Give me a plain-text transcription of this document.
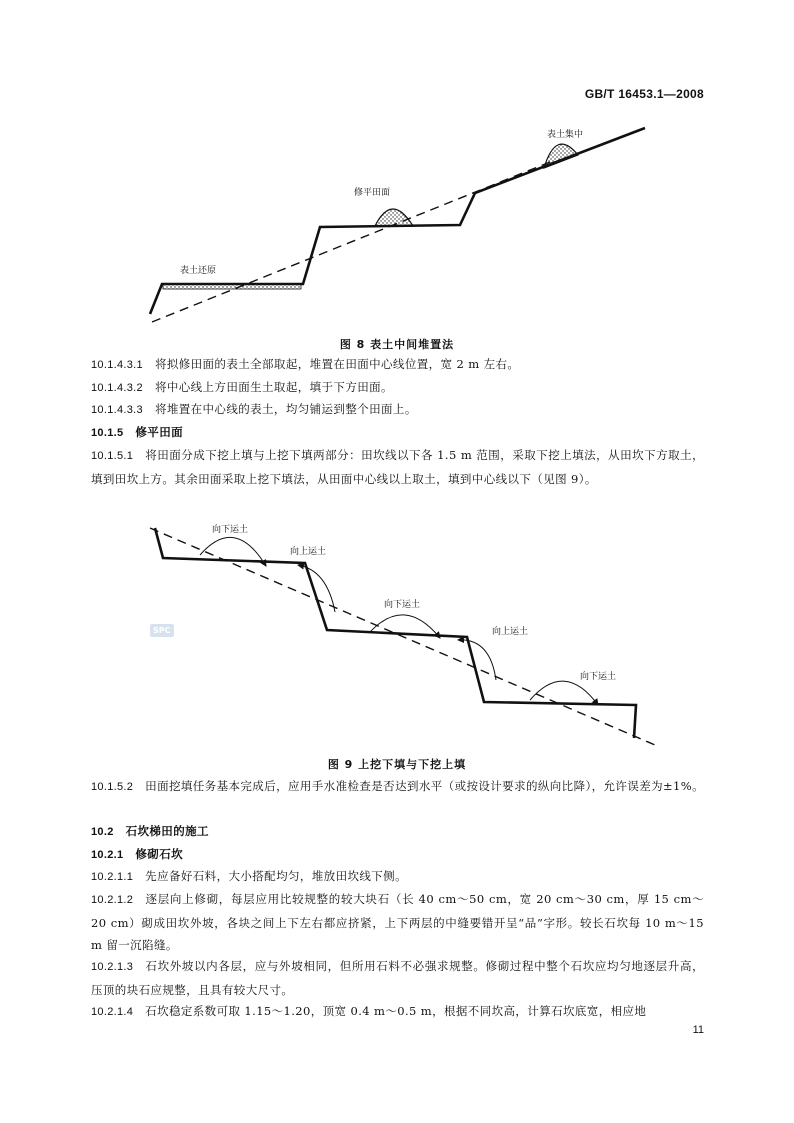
GB/T 16453.1—2008
表土集中
修平田面
表土还原
图 8 表土中间堆置法
10.1.4.3.1 将拟修田面的表土全部取起，堆置在田面中心线位置，宽 2 m 左右。
10.1.4.3.2 将中心线上方田面生土取起，填于下方田面。
10.1.4.3.3 将堆置在中心线的表土，均匀铺运到整个田面上。
10.1.5 修平田面
10.1.5.1 将田面分成下挖上填与上挖下填两部分：田坎线以下各 1.5 m 范围，采取下挖上填法，从田坎下方取土，填到田坎上方。其余田面采取上挖下填法，从田面中心线以上取土，填到中心线以下（见图 9）。
向下运土
向上运土
向下运土
向上运土
向下运土
SPC
图 9 上挖下填与下挖上填
10.1.5.2 田面挖填任务基本完成后，应用手水准检查是否达到水平（或按设计要求的纵向比降），允许误差为±1%。
10.2 石坎梯田的施工
10.2.1 修砌石坎
10.2.1.1 先应备好石料，大小搭配均匀，堆放田坎线下侧。
10.2.1.2 逐层向上修砌，每层应用比较规整的较大块石（长 40 cm～50 cm，宽 20 cm～30 cm，厚 15 cm～20 cm）砌成田坎外坡，各块之间上下左右都应挤紧，上下两层的中缝要错开呈“品”字形。较长石坎每 10 m～15 m 留一沉陷缝。
10.2.1.3 石坎外坡以内各层，应与外坡相同，但所用石料不必强求规整。修砌过程中整个石坎应均匀地逐层升高，压顶的块石应规整，且具有较大尺寸。
10.2.1.4 石坎稳定系数可取 1.15～1.20，顶宽 0.4 m～0.5 m，根据不同坎高，计算石坎底宽，相应地
11
